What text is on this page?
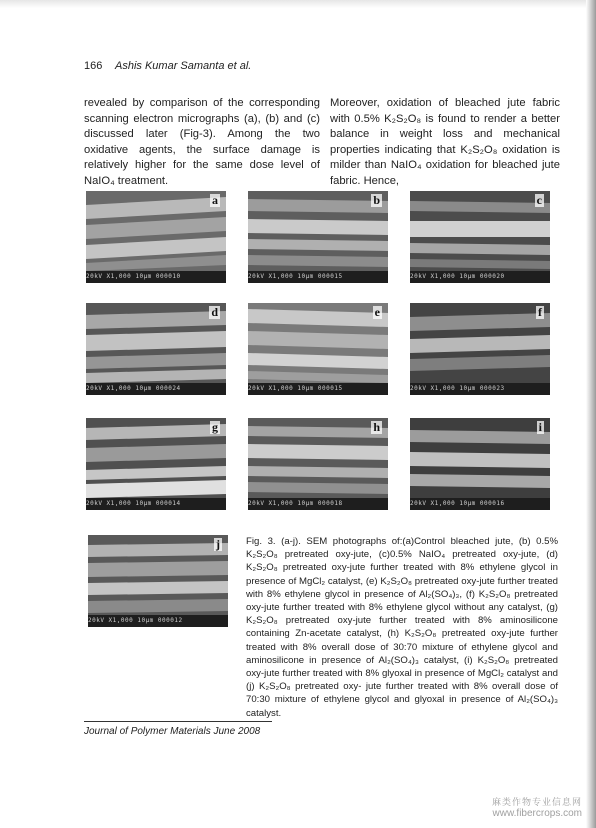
166 Ashis Kumar Samanta et al.
revealed by comparison of the corresponding scanning electron micrographs (a), (b) and (c) discussed later (Fig-3). Among the two oxidative agents, the surface damage is relatively higher for the same dose level of NaIO₄ treatment.
Moreover, oxidation of bleached jute fabric with 0.5% K₂S₂O₈ is found to render a better balance in weight loss and mechanical properties indicating that K₂S₂O₈ oxidation is milder than NaIO₄ oxidation for bleached jute fabric. Hence,
a
20kV X1,000 10µm 000010
b
20kV X1,000 10µm 000015
c
20kV X1,000 10µm 000020
d
20kV X1,000 10µm 000024
e
20kV X1,000 10µm 000015
f
20kV X1,000 10µm 000023
g
20kV X1,000 10µm 000014
h
20kV X1,000 10µm 000018
i
20kV X1,000 10µm 000016
j
20kV X1,000 10µm 000012
Fig. 3. (a-j). SEM photographs of:(a)Control bleached jute, (b) 0.5% K₂S₂O₈ pretreated oxy-jute, (c)0.5% NaIO₄ pretreated oxy-jute, (d) K₂S₂O₈ pretreated oxy-jute further treated with 8% ethylene glycol in presence of MgCl₂ catalyst, (e) K₂S₂O₈ pretreated oxy-jute further treated with 8% ethylene glycol in presence of Al₂(SO₄)₃, (f) K₂S₂O₈ pretreated oxy-jute further treated with 8% ethylene glycol without any catalyst, (g) K₂S₂O₈ pretreated oxy-jute further treated with 8% aminosilicone containing Zn-acetate catalyst, (h) K₂S₂O₈ pretreated oxy-jute further treated with 8% overall dose of 30:70 mixture of ethylene glycol and aminosilicone in presence of Al₂(SO₄)₃ catalyst, (i) K₂S₂O₈ pretreated oxy-jute further treated with 8% glyoxal in presence of MgCl₂ catalyst and (j) K₂S₂O₈ pretreated oxy- jute further treated with 8% overall dose of 70:30 mixture of ethylene glycol and glyoxal in presence of Al₂(SO₄)₃ catalyst.
Journal of Polymer Materials June 2008
麻类作物专业信息网
www.fibercrops.com
